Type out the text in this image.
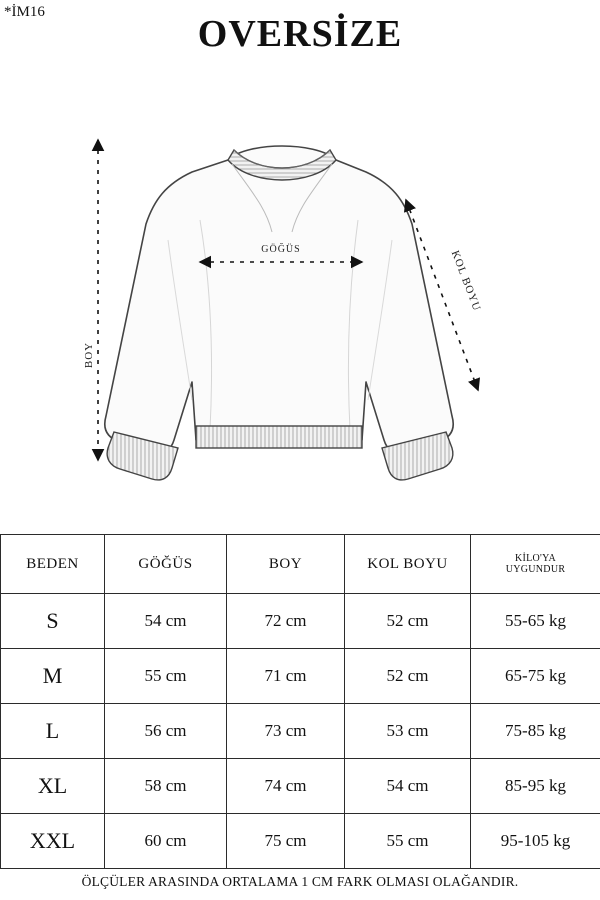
*İM16
OVERSİZE
BOY
GÖĞÜS	KOL BOYU
BEDEN	GÖĞÜS	BOY	KOL BOYU	KİLO'YA
UYGUNDUR
S	54 cm	72 cm	52 cm	55-65 kg
M	55 cm	71 cm	52 cm	65-75 kg
L	56 cm	73 cm	53 cm	75-85 kg
XL	58 cm	74 cm	54 cm	85-95 kg
XXL	60 cm	75 cm	55 cm	95-105 kg
ÖLÇÜLER ARASINDA ORTALAMA 1 CM FARK OLMASI OLAĞANDIR.
